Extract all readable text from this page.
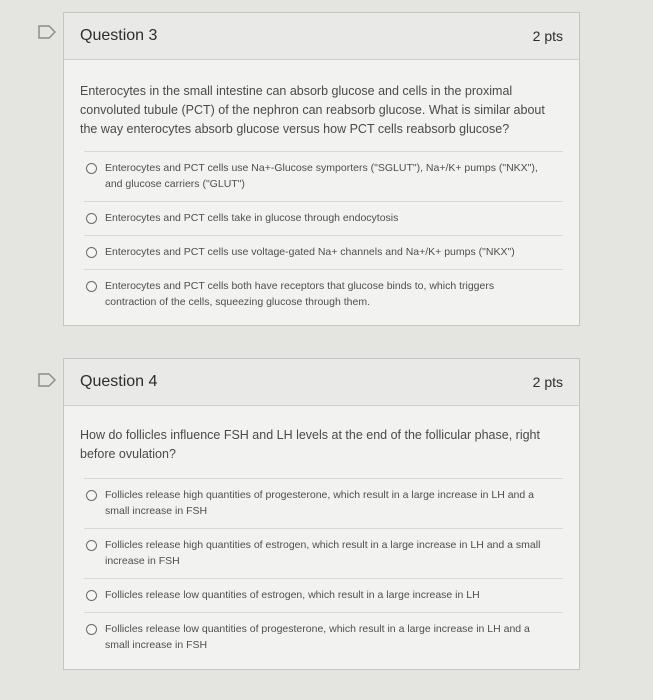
Question 3	2 pts
Enterocytes in the small intestine can absorb glucose and cells in the proximal convoluted tubule (PCT) of the nephron can reabsorb glucose. What is similar about the way enterocytes absorb glucose versus how PCT cells reabsorb glucose?
Enterocytes and PCT cells use Na+-Glucose symporters ("SGLUT"), Na+/K+ pumps ("NKX"), and glucose carriers ("GLUT")
Enterocytes and PCT cells take in glucose through endocytosis
Enterocytes and PCT cells use voltage-gated Na+ channels and Na+/K+ pumps ("NKX")
Enterocytes and PCT cells both have receptors that glucose binds to, which triggers contraction of the cells, squeezing glucose through them.
Question 4	2 pts
How do follicles influence FSH and LH levels at the end of the follicular phase, right before ovulation?
Follicles release high quantities of progesterone, which result in a large increase in LH and a small increase in FSH
Follicles release high quantities of estrogen, which result in a large increase in LH and a small increase in FSH
Follicles release low quantities of estrogen, which result in a large increase in LH
Follicles release low quantities of progesterone, which result in a large increase in LH and a small increase in FSH
